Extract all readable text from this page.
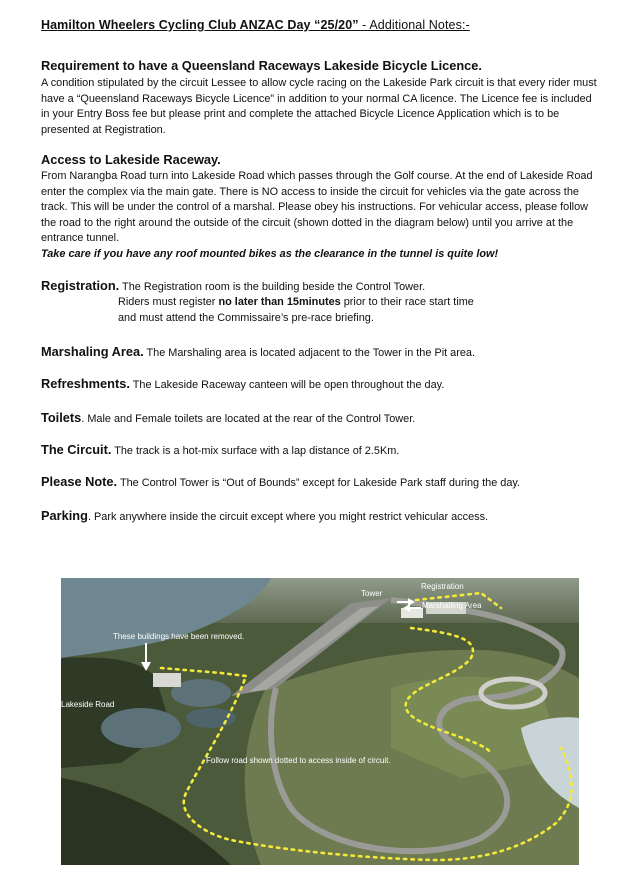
Hamilton Wheelers Cycling Club ANZAC Day “25/20” - Additional Notes:-
Requirement to have a Queensland Raceways Lakeside Bicycle Licence.

A condition stipulated by the circuit Lessee to allow cycle racing on the Lakeside Park circuit is that every rider must have a “Queensland Raceways Bicycle Licence” in addition to your normal CA licence. The Licence fee is included in your Entry Boss fee but please print and complete the attached Bicycle Licence Application which is to be presented at Registration.

Access to Lakeside Raceway.

From Narangba Road turn into Lakeside Road which passes through the Golf course. At the end of Lakeside Road enter the complex via the main gate. There is NO access to inside the circuit for vehicles via the gate across the track. This will be under the control of a marshal. Please obey his instructions. For vehicular access, please follow the road to the right around the outside of the circuit (shown dotted in the diagram below) until you arrive at the entrance tunnel.

Take care if you have any roof mounted bikes as the clearance in the tunnel is quite low!

Registration. The Registration room is the building beside the Control Tower.
Riders must register no later than 15minutes prior to their race start time
and must attend the Commissaire’s pre-race briefing.
Marshaling Area. The Marshaling area is located adjacent to the Tower in the Pit area.
Refreshments. The Lakeside Raceway canteen will be open throughout the day.
Toilets. Male and Female toilets are located at the rear of the Control Tower.
The Circuit. The track is a hot-mix surface with a lap distance of 2.5Km.
Please Note. The Control Tower is “Out of Bounds” except for Lakeside Park staff during the day.
Parking. Park anywhere inside the circuit except where you might restrict vehicular access.
Tower
Registration
Marshalling Area
These buildings have been removed.
Lakeside Road
Follow road shown dotted to access inside of circuit.
